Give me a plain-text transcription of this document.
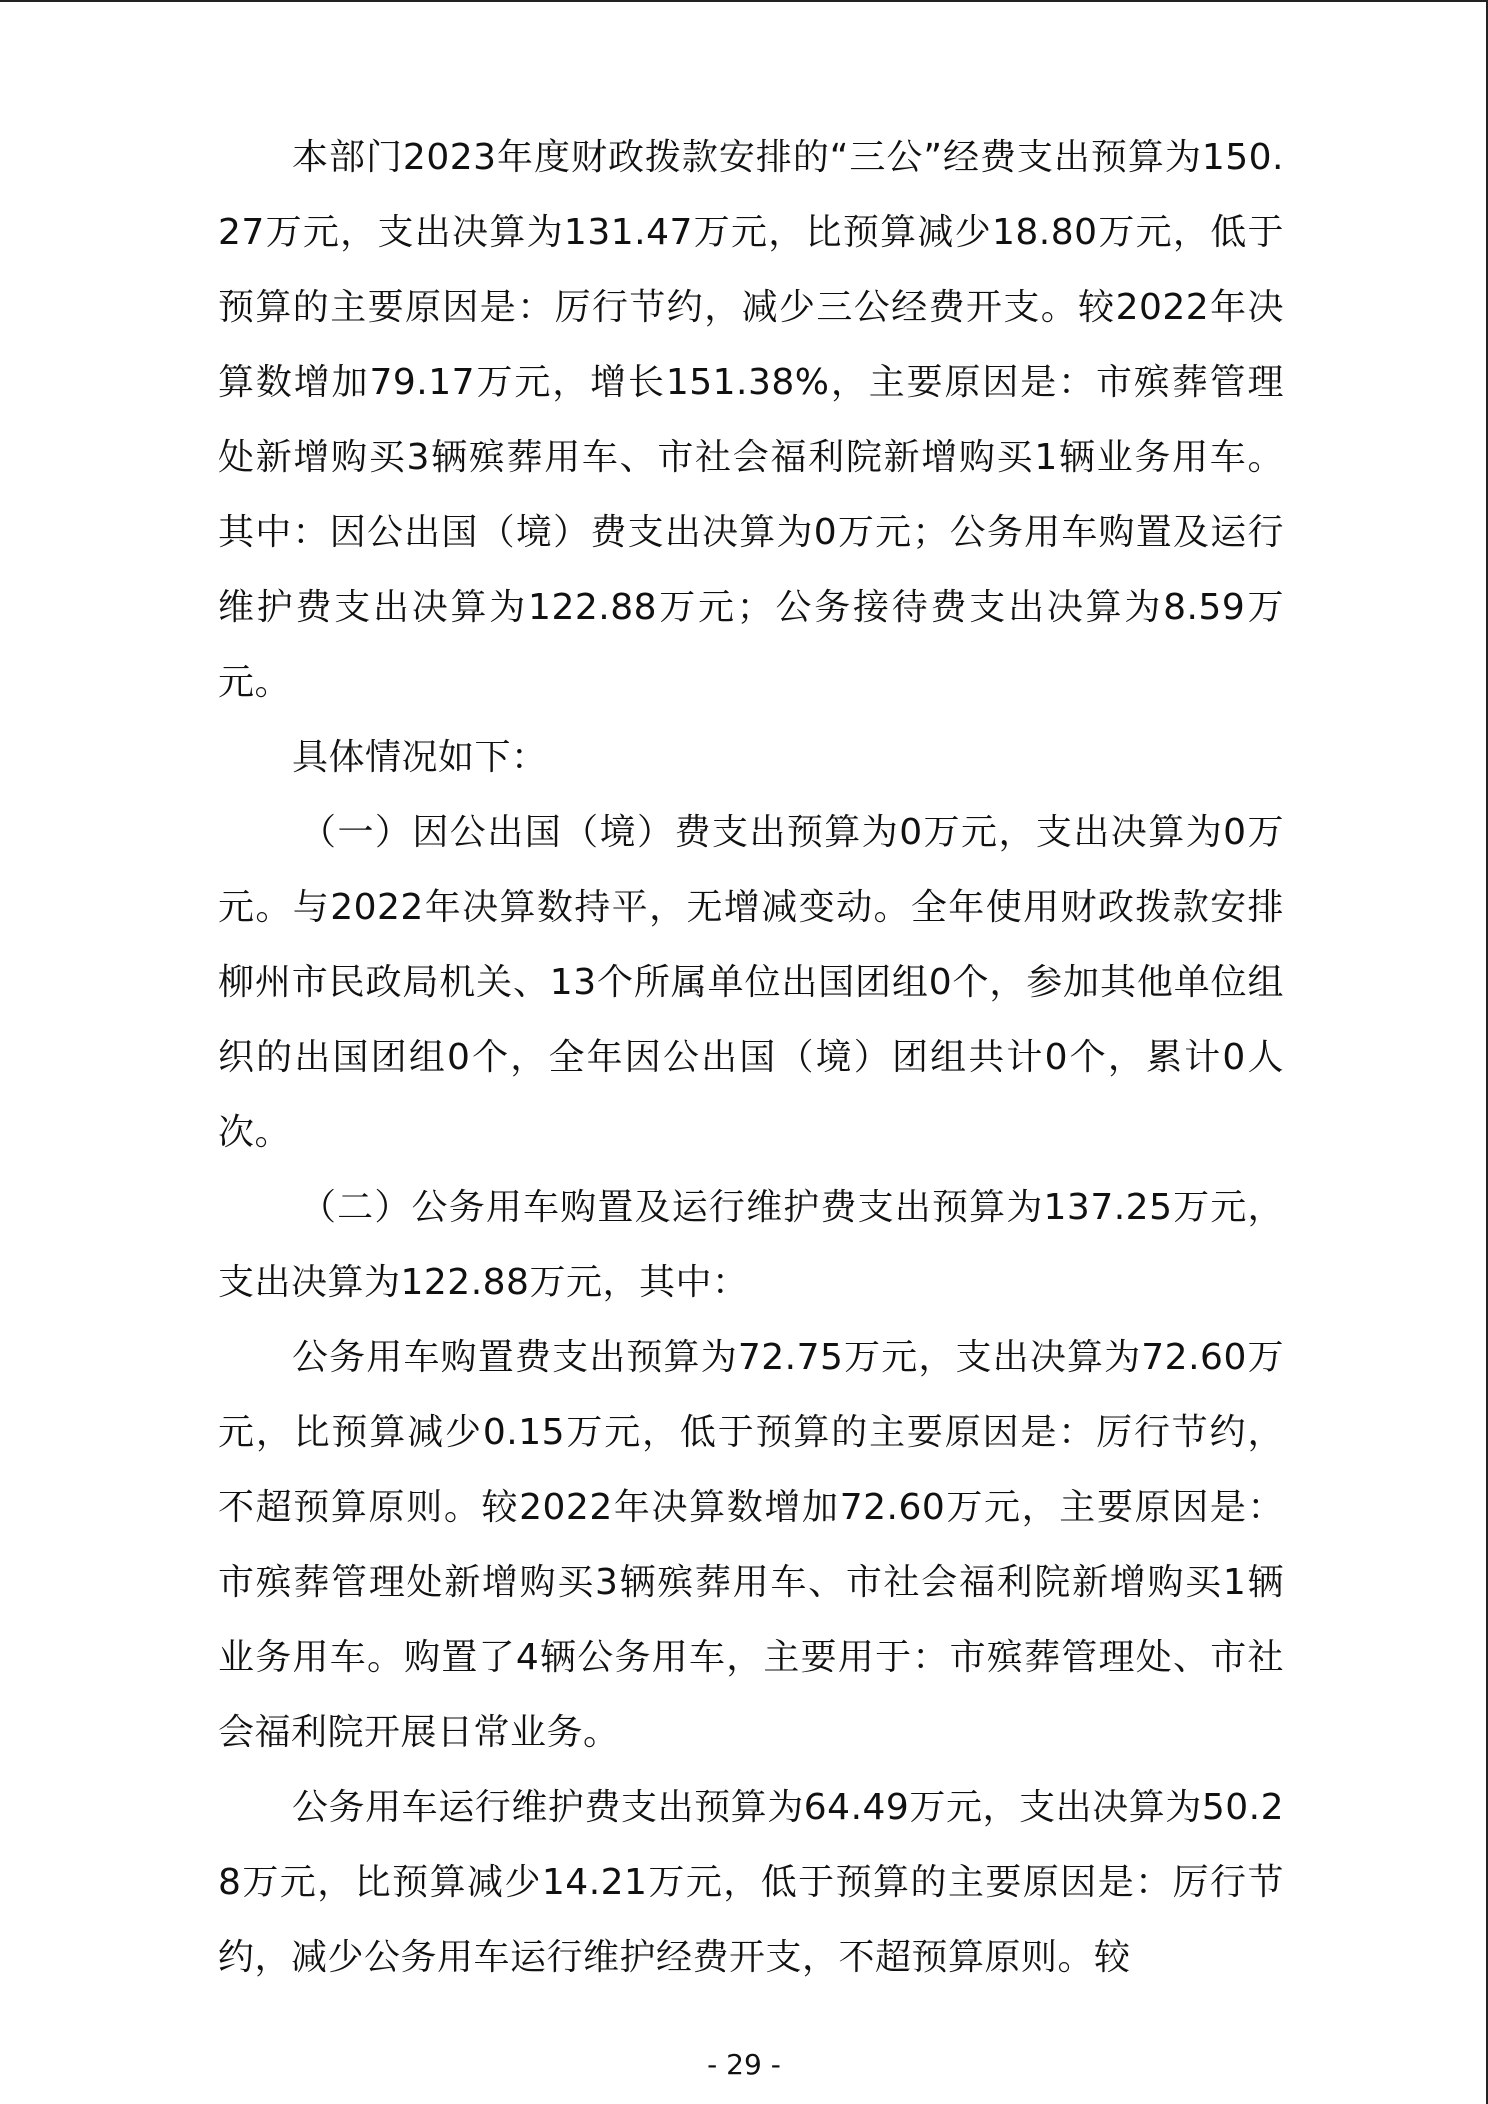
本部门2023年度财政拨款安排的“三公”经费支出预算为150.27万元，支出决算为131.47万元，比预算减少18.80万元，低于预算的主要原因是：厉行节约，减少三公经费开支。较2022年决算数增加79.17万元，增长151.38%，主要原因是：市殡葬管理处新增购买3辆殡葬用车、市社会福利院新增购买1辆业务用车。其中：因公出国（境）费支出决算为0万元；公务用车购置及运行维护费支出决算为122.88万元；公务接待费支出决算为8.59万元。

具体情况如下：

（一）因公出国（境）费支出预算为0万元，支出决算为0万元。与2022年决算数持平，无增减变动。全年使用财政拨款安排柳州市民政局机关、13个所属单位出国团组0个，参加其他单位组织的出国团组0个，全年因公出国（境）团组共计0个，累计0人次。

（二）公务用车购置及运行维护费支出预算为137.25万元，支出决算为122.88万元，其中：

公务用车购置费支出预算为72.75万元，支出决算为72.60万元，比预算减少0.15万元，低于预算的主要原因是：厉行节约，不超预算原则。较2022年决算数增加72.60万元，主要原因是：市殡葬管理处新增购买3辆殡葬用车、市社会福利院新增购买1辆业务用车。购置了4辆公务用车，主要用于：市殡葬管理处、市社会福利院开展日常业务。

公务用车运行维护费支出预算为64.49万元，支出决算为50.28万元，比预算减少14.21万元，低于预算的主要原因是：厉行节约，减少公务用车运行维护经费开支，不超预算原则。较

- 29 -
